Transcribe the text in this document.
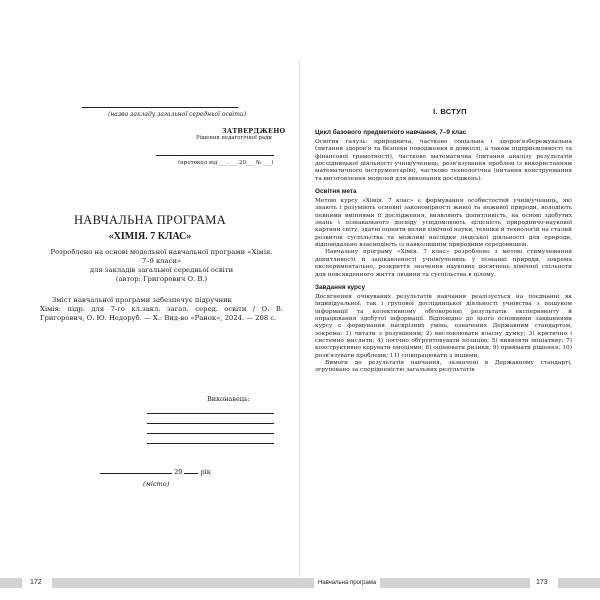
(назва закладу загальної середньої освіти)
ЗАТВЕРДЖЕНО
Рішення педагогічної ради
(протокол від ___.___.20___ № ___)
НАВЧАЛЬНА ПРОГРАМА
«ХІМІЯ. 7 КЛАС»
Розроблено на основі модельної навчальної програми «Хімія.
7–9 класи»
для закладів загальної середньої освіти
(автор: Григорович О. В.)

Зміст навчальної програми забезпечує підручник

Хімія: підр. для 7-го кл.закл. загал. серед. освіти / О. В. Григорович, О. Ю. Недоруб. — Х.: Вид-во «Ранок», 2024. — 208 с.
Виконавець:
20	рік
(місто)
172
I. ВСТУП
Цикл базового предметного навчання, 7–9 клас

Освітня галузь: природнича, частково соціальна і здоров'язбережувальна (питання здоров'я та безпеки поводження в довкіллі, а також підприємливості та фінансової грамотності), частково математична (питання аналізу результатів дослідницької діяльності учнів/учениць, розв'язування проблем із використанням математичного інструментарію), частково технологічна (питання конструювання та виготовлення моделей для виконання досліджень).

Освітня мета

Метою курсу «Хімія. 7 клас» є формування особистостей учнів/учениць, які знають і розуміють основні закономірності живої та неживої природи, володіють певними вміннями її дослідження, виявляють допитливість, на основі здобутих знань і пізнавального досвіду усвідомлюють цілісність природничо-наукової картини світу, здатні оцінити вплив хімічної науки, техніки й технологій на сталий розвиток суспільства та можливі наслідки людської діяльності для природи, відповідально взаємодіють із навколишнім природним середовищем.

Навчальну програму «Хімія. 7 клас» розроблено з метою стимулювання допитливості й зацікавленості учнів/учениць у пізнанні природи, зокрема експериментально, розкриття значення наукових досягнень хімічної спільноти для повсякденного життя людини та суспільства в цілому.

Завдання курсу

Досягнення очікуваних результатів навчання реалізується на поєднанні як індивідуальної, так і групової дослідницької діяльності учнівства з пошуком інформації та колективному обговоренні результатів експерименту й опрацювання здобутої інформації. Відповідно до цього основними завданнями курсу є формування наскрізних умінь, означених Державним стандартом, зокрема: 1) читати з розумінням; 2) висловлювати власну думку; 3) критично і системно мислити; 4) логічно обґрунтовувати позицію; 5) виявляти ініціативу; 7) конструктивно керувати емоціями; 8) оцінювати ризики; 9) приймати рішення; 10) розв'язувати проблеми; 11) співпрацювати з іншими.

Вимоги до результатів навчання, зазначені в Державному стандарті, згруповано за спорідненістю загальних результатів

Навчальна програма	173
